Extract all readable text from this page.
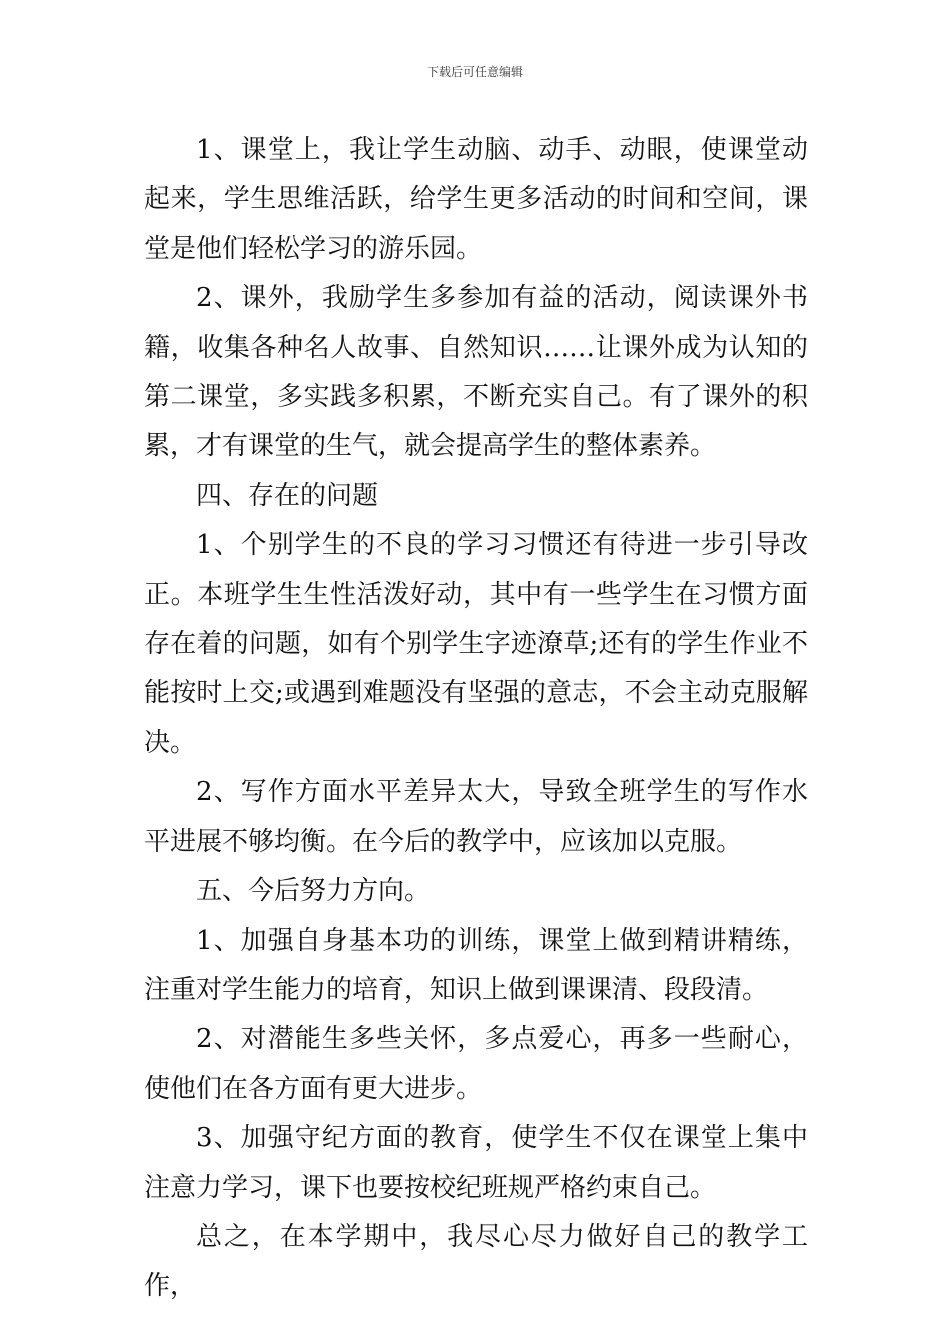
下载后可任意编辑

1、课堂上，我让学生动脑、动手、动眼，使课堂动起来，学生思维活跃，给学生更多活动的时间和空间，课堂是他们轻松学习的游乐园。

2、课外，我励学生多参加有益的活动，阅读课外书籍，收集各种名人故事、自然知识……让课外成为认知的第二课堂，多实践多积累，不断充实自己。有了课外的积累，才有课堂的生气，就会提高学生的整体素养。

四、存在的问题

1、个别学生的不良的学习习惯还有待进一步引导改正。本班学生生性活泼好动，其中有一些学生在习惯方面存在着的问题，如有个别学生字迹潦草;还有的学生作业不能按时上交;或遇到难题没有坚强的意志，不会主动克服解决。

2、写作方面水平差异太大，导致全班学生的写作水平进展不够均衡。在今后的教学中，应该加以克服。

五、今后努力方向。

1、加强自身基本功的训练，课堂上做到精讲精练，注重对学生能力的培育，知识上做到课课清、段段清。

2、对潜能生多些关怀，多点爱心，再多一些耐心，使他们在各方面有更大进步。

3、加强守纪方面的教育，使学生不仅在课堂上集中注意力学习，课下也要按校纪班规严格约束自己。

总之，在本学期中，我尽心尽力做好自己的教学工作，
